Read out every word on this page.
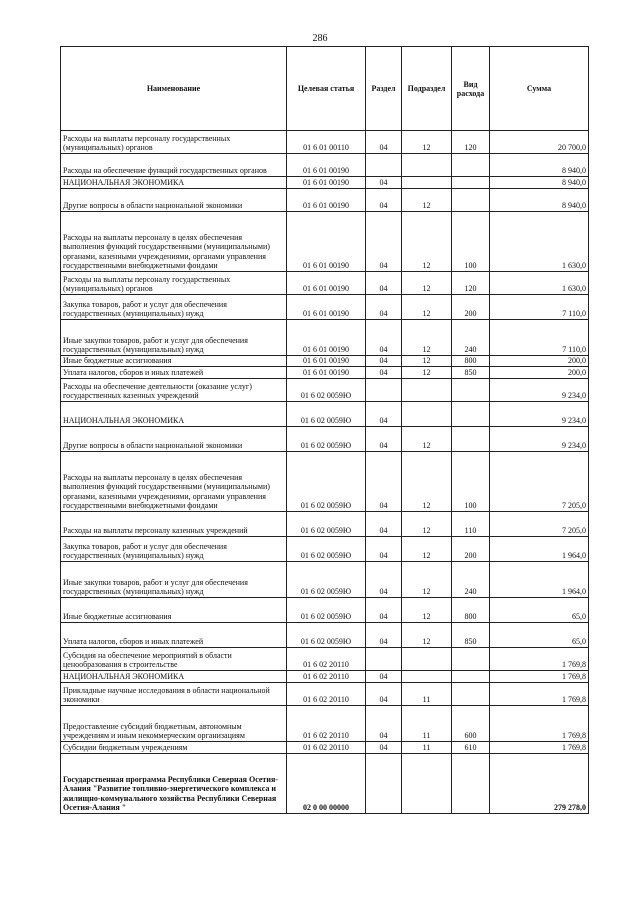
286
Наименование	Целевая статья	Раздел	Подраздел	Вид расхода	Сумма
Расходы на выплаты персоналу государственных (муниципальных) органов	01 6 01 00110	04	12	120	20 700,0
Расходы на обеспечение функций государственных органов	01 6 01 00190				8 940,0
НАЦИОНАЛЬНАЯ ЭКОНОМИКА	01 6 01 00190	04			8 940,0
Другие вопросы в области национальной экономики	01 6 01 00190	04	12		8 940,0
Расходы на выплаты персоналу в целях обеспечения выполнения функций государственными (муниципальными) органами, казенными учреждениями, органами управления государственными внебюджетными фондами	01 6 01 00190	04	12	100	1 630,0
Расходы на выплаты персоналу государственных (муниципальных) органов	01 6 01 00190	04	12	120	1 630,0
Закупка товаров, работ и услуг для обеспечения государственных (муниципальных) нужд	01 6 01 00190	04	12	200	7 110,0
Иные закупки товаров, работ и услуг для обеспечения государственных (муниципальных) нужд	01 6 01 00190	04	12	240	7 110,0
Иные бюджетные ассигнования	01 6 01 00190	04	12	800	200,0
Уплата налогов, сборов и иных платежей	01 6 01 00190	04	12	850	200,0
Расходы на обеспечение деятельности (оказание услуг) государственных казенных учреждений	01 6 02 0059Ю				9 234,0
НАЦИОНАЛЬНАЯ ЭКОНОМИКА	01 6 02 0059Ю	04			9 234,0
Другие вопросы в области национальной экономики	01 6 02 0059Ю	04	12		9 234,0
Расходы на выплаты персоналу в целях обеспечения выполнения функций государственными (муниципальными) органами, казенными учреждениями, органами управления государственными внебюджетными фондами	01 6 02 0059Ю	04	12	100	7 205,0
Расходы на выплаты персоналу казенных учреждений	01 6 02 0059Ю	04	12	110	7 205,0
Закупка товаров, работ и услуг для обеспечения государственных (муниципальных) нужд	01 6 02 0059Ю	04	12	200	1 964,0
Иные закупки товаров, работ и услуг для обеспечения государственных (муниципальных) нужд	01 6 02 0059Ю	04	12	240	1 964,0
Иные бюджетные ассигнования	01 6 02 0059Ю	04	12	800	65,0
Уплата налогов, сборов и иных платежей	01 6 02 0059Ю	04	12	850	65,0
Субсидия на обеспечение мероприятий в области ценообразования в строительстве	01 6 02 20110				1 769,8
НАЦИОНАЛЬНАЯ ЭКОНОМИКА	01 6 02 20110	04			1 769,8
Прикладные научные исследования в области национальной экономики	01 6 02 20110	04	11		1 769,8
Предоставление субсидий бюджетным, автономным учреждениям и иным некоммерческим организациям	01 6 02 20110	04	11	600	1 769,8
Субсидии бюджетным учреждениям	01 6 02 20110	04	11	610	1 769,8
Государственная программа Республики Северная Осетия-Алания "Развитие топливно-энергетического комплекса и жилищно-коммунального хозяйства Республики Северная Осетия-Алания "	02 0 00 00000				279 278,0
